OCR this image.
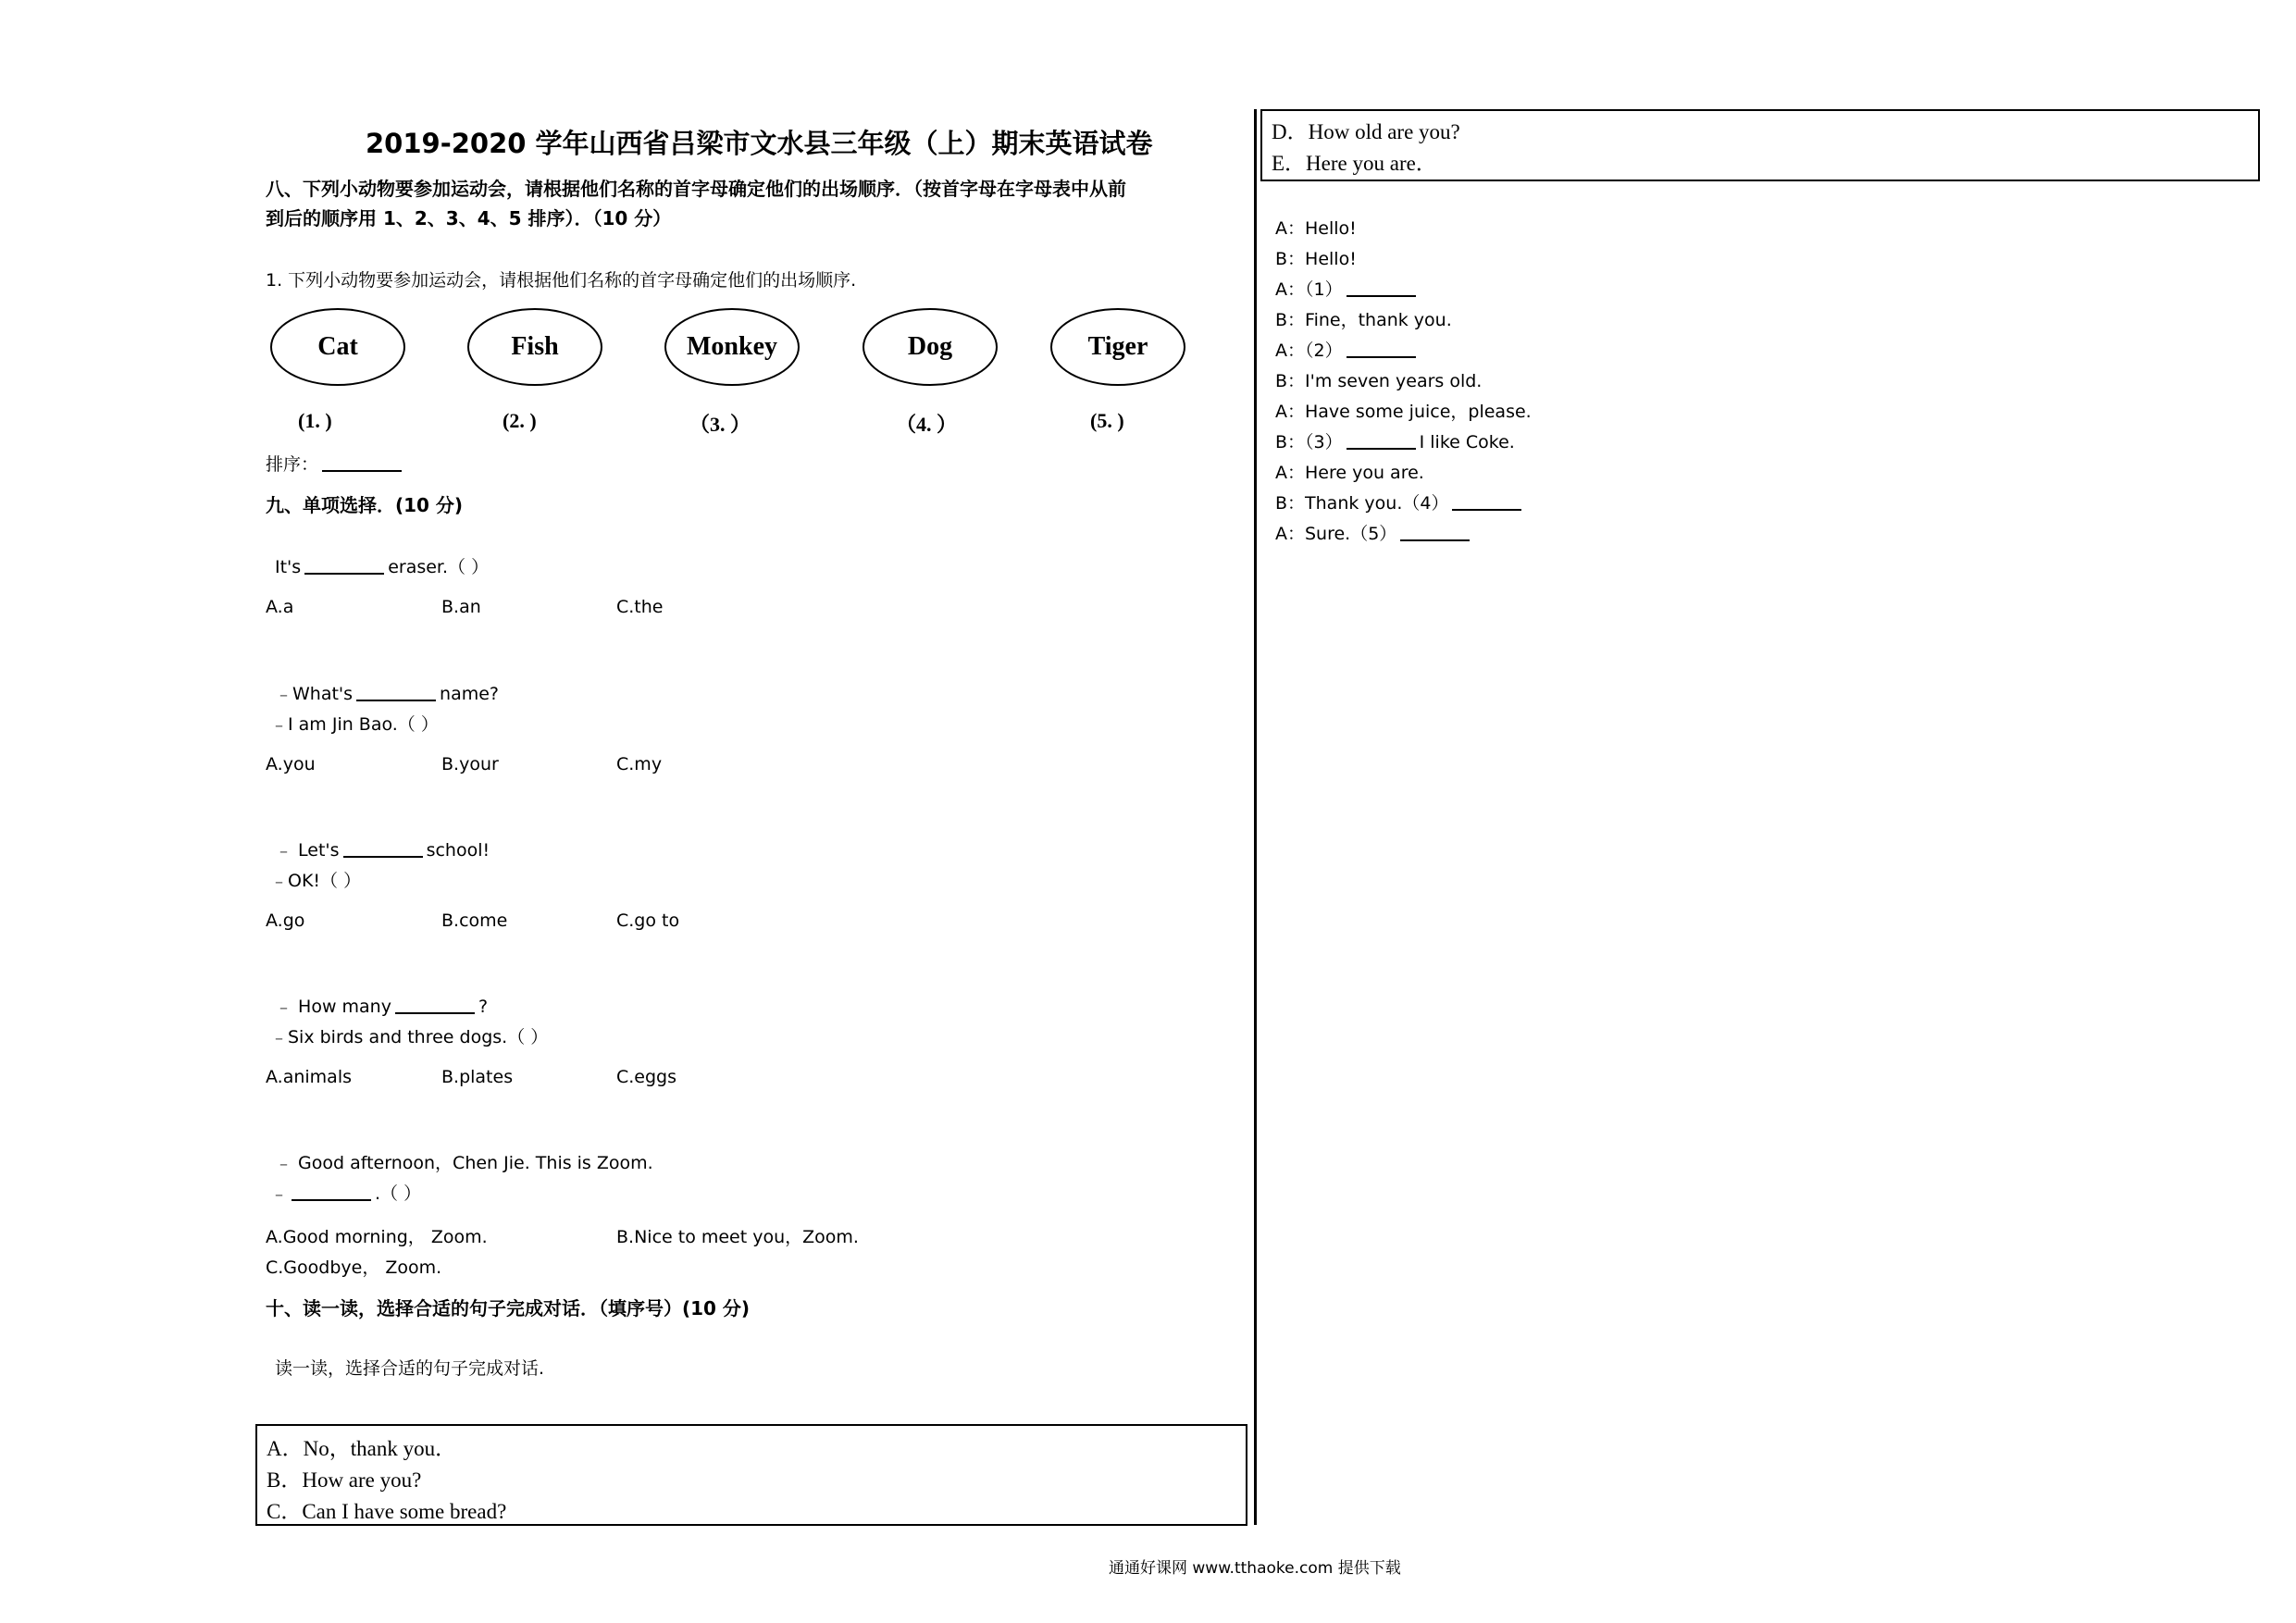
2019-2020 学年山西省吕梁市文水县三年级（上）期末英语试卷
八、下列小动物要参加运动会，请根据他们名称的首字母确定他们的出场顺序．（按首字母在字母表中从前
到后的顺序用 1、2、3、4、5 排序）．（10 分）
1. 下列小动物要参加运动会，请根据他们名称的首字母确定他们的出场顺序.
Cat	Fish	Monkey	Dog	Tiger
(1. )	(2. )	（3. ）	（4. ）	(5. )
排序：
九、单项选择．(10 分)
It's	eraser.（ ）
A.a	B.an	C.the
﹣What's	name?
﹣I am Jin Bao.（ ）
A.you	B.your	C.my
﹣ Let's	school!
﹣OK!（ ）
A.go	B.come	C.go to
﹣ How many	?
﹣Six birds and three dogs.（ ）
A.animals	B.plates	C.eggs
﹣ Good afternoon，Chen Jie. This is Zoom.
﹣	.（ ）
A.Good morning， Zoom.	B.Nice to meet you，Zoom.
C.Goodbye， Zoom.
十、读一读，选择合适的句子完成对话．（填序号）(10 分)
读一读，选择合适的句子完成对话.
A．No，thank you．
B．How are you?
C．Can I have some bread?
D．How old are you?
E．Here you are．
A：Hello!
B：Hello!
A：（1）
B：Fine，thank you.
A：（2）
B：I'm seven years old.
A：Have some juice，please.
B：（3）	I like Coke.
A：Here you are.
B：Thank you.（4）
A：Sure.（5）
通通好课网 www.tthaoke.com 提供下载
